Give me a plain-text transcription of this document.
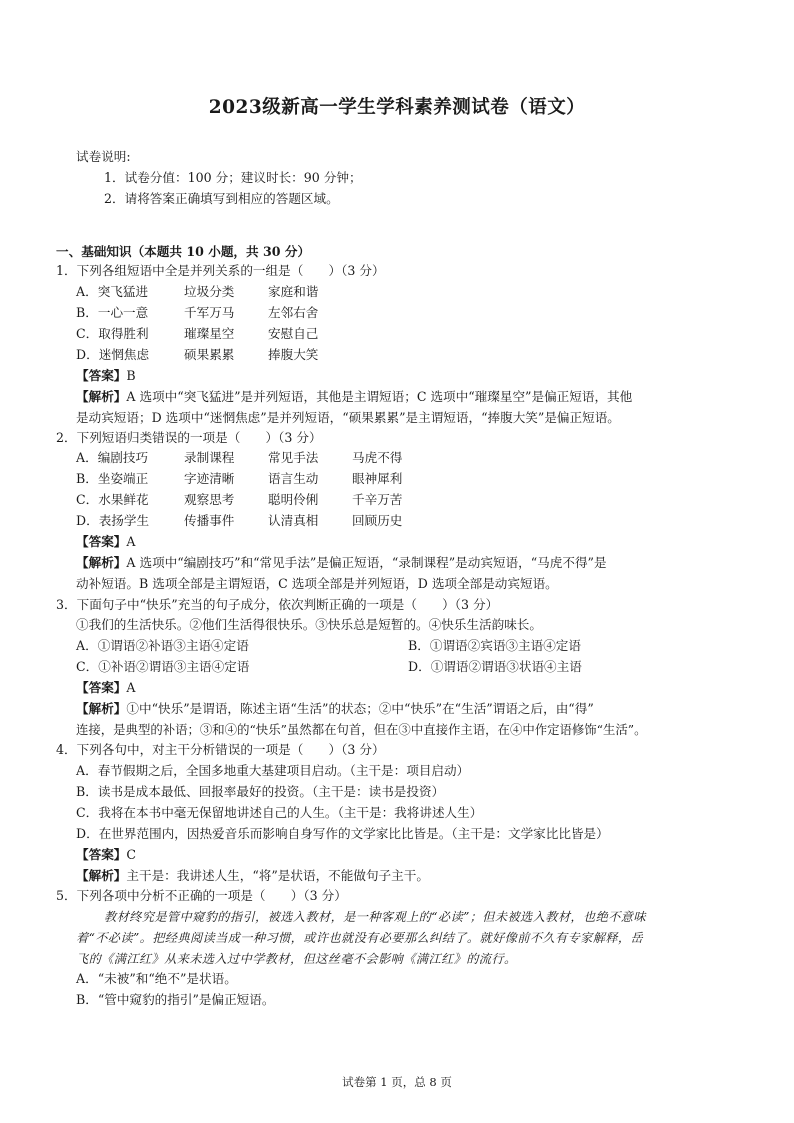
2023级新高一学生学科素养测试卷（语文）
试卷说明:
1．试卷分值：100 分；建议时长：90 分钟；
2．请将答案正确填写到相应的答题区域。
一、基础知识（本题共 10 小题，共 30 分）
1．下列各组短语中全是并列关系的一组是（　　）（3 分）
A．突飞猛进	垃圾分类	家庭和谐
B．一心一意	千军万马	左邻右舍
C．取得胜利	璀璨星空	安慰自己
D．迷惘焦虑	硕果累累	捧腹大笑
【答案】B
【解析】A 选项中“突飞猛进”是并列短语，其他是主谓短语；C 选项中“璀璨星空”是偏正短语，其他
是动宾短语；D 选项中“迷惘焦虑”是并列短语，“硕果累累”是主谓短语，“捧腹大笑”是偏正短语。
2．下列短语归类错误的一项是（　　）（3 分）
A．编剧技巧	录制课程	常见手法	马虎不得
B．坐姿端正	字迹清晰	语言生动	眼神犀利
C．水果鲜花	观察思考	聪明伶俐	千辛万苦
D．表扬学生	传播事件	认清真相	回顾历史
【答案】A
【解析】A 选项中“编剧技巧”和“常见手法”是偏正短语，“录制课程”是动宾短语，“马虎不得”是
动补短语。B 选项全部是主谓短语，C 选项全部是并列短语，D 选项全部是动宾短语。
3．下面句子中“快乐”充当的句子成分，依次判断正确的一项是（　　）（3 分）
①我们的生活快乐。②他们生活得很快乐。③快乐总是短暂的。④快乐生活韵味长。
A．①谓语②补语③主语④定语	B．①谓语②宾语③主语④定语
C．①补语②谓语③主语④定语	D．①谓语②谓语③状语④主语
【答案】A
【解析】①中“快乐”是谓语，陈述主语“生活”的状态；②中“快乐”在“生活”谓语之后，由“得”
连接，是典型的补语；③和④的“快乐”虽然都在句首，但在③中直接作主语，在④中作定语修饰“生活”。
4．下列各句中，对主干分析错误的一项是（　　）（3 分）
A．春节假期之后，全国多地重大基建项目启动。（主干是：项目启动）
B．读书是成本最低、回报率最好的投资。（主干是：读书是投资）
C．我将在本书中毫无保留地讲述自己的人生。（主干是：我将讲述人生）
D．在世界范围内，因热爱音乐而影响自身写作的文学家比比皆是。（主干是：文学家比比皆是）
【答案】C
【解析】主干是：我讲述人生，“将”是状语，不能做句子主干。
5．下列各项中分析不正确的一项是（　　）（3 分）
教材终究是管中窥豹的指引，被选入教材，是一种客观上的“必读”；但未被选入教材，也绝不意味
着“不必读”。把经典阅读当成一种习惯，或许也就没有必要那么纠结了。就好像前不久有专家解释，岳
飞的《满江红》从来未选入过中学教材，但这丝毫不会影响《满江红》的流行。
A．“未被”和“绝不”是状语。
B．“管中窥豹的指引”是偏正短语。
试卷第 1 页，总 8 页
